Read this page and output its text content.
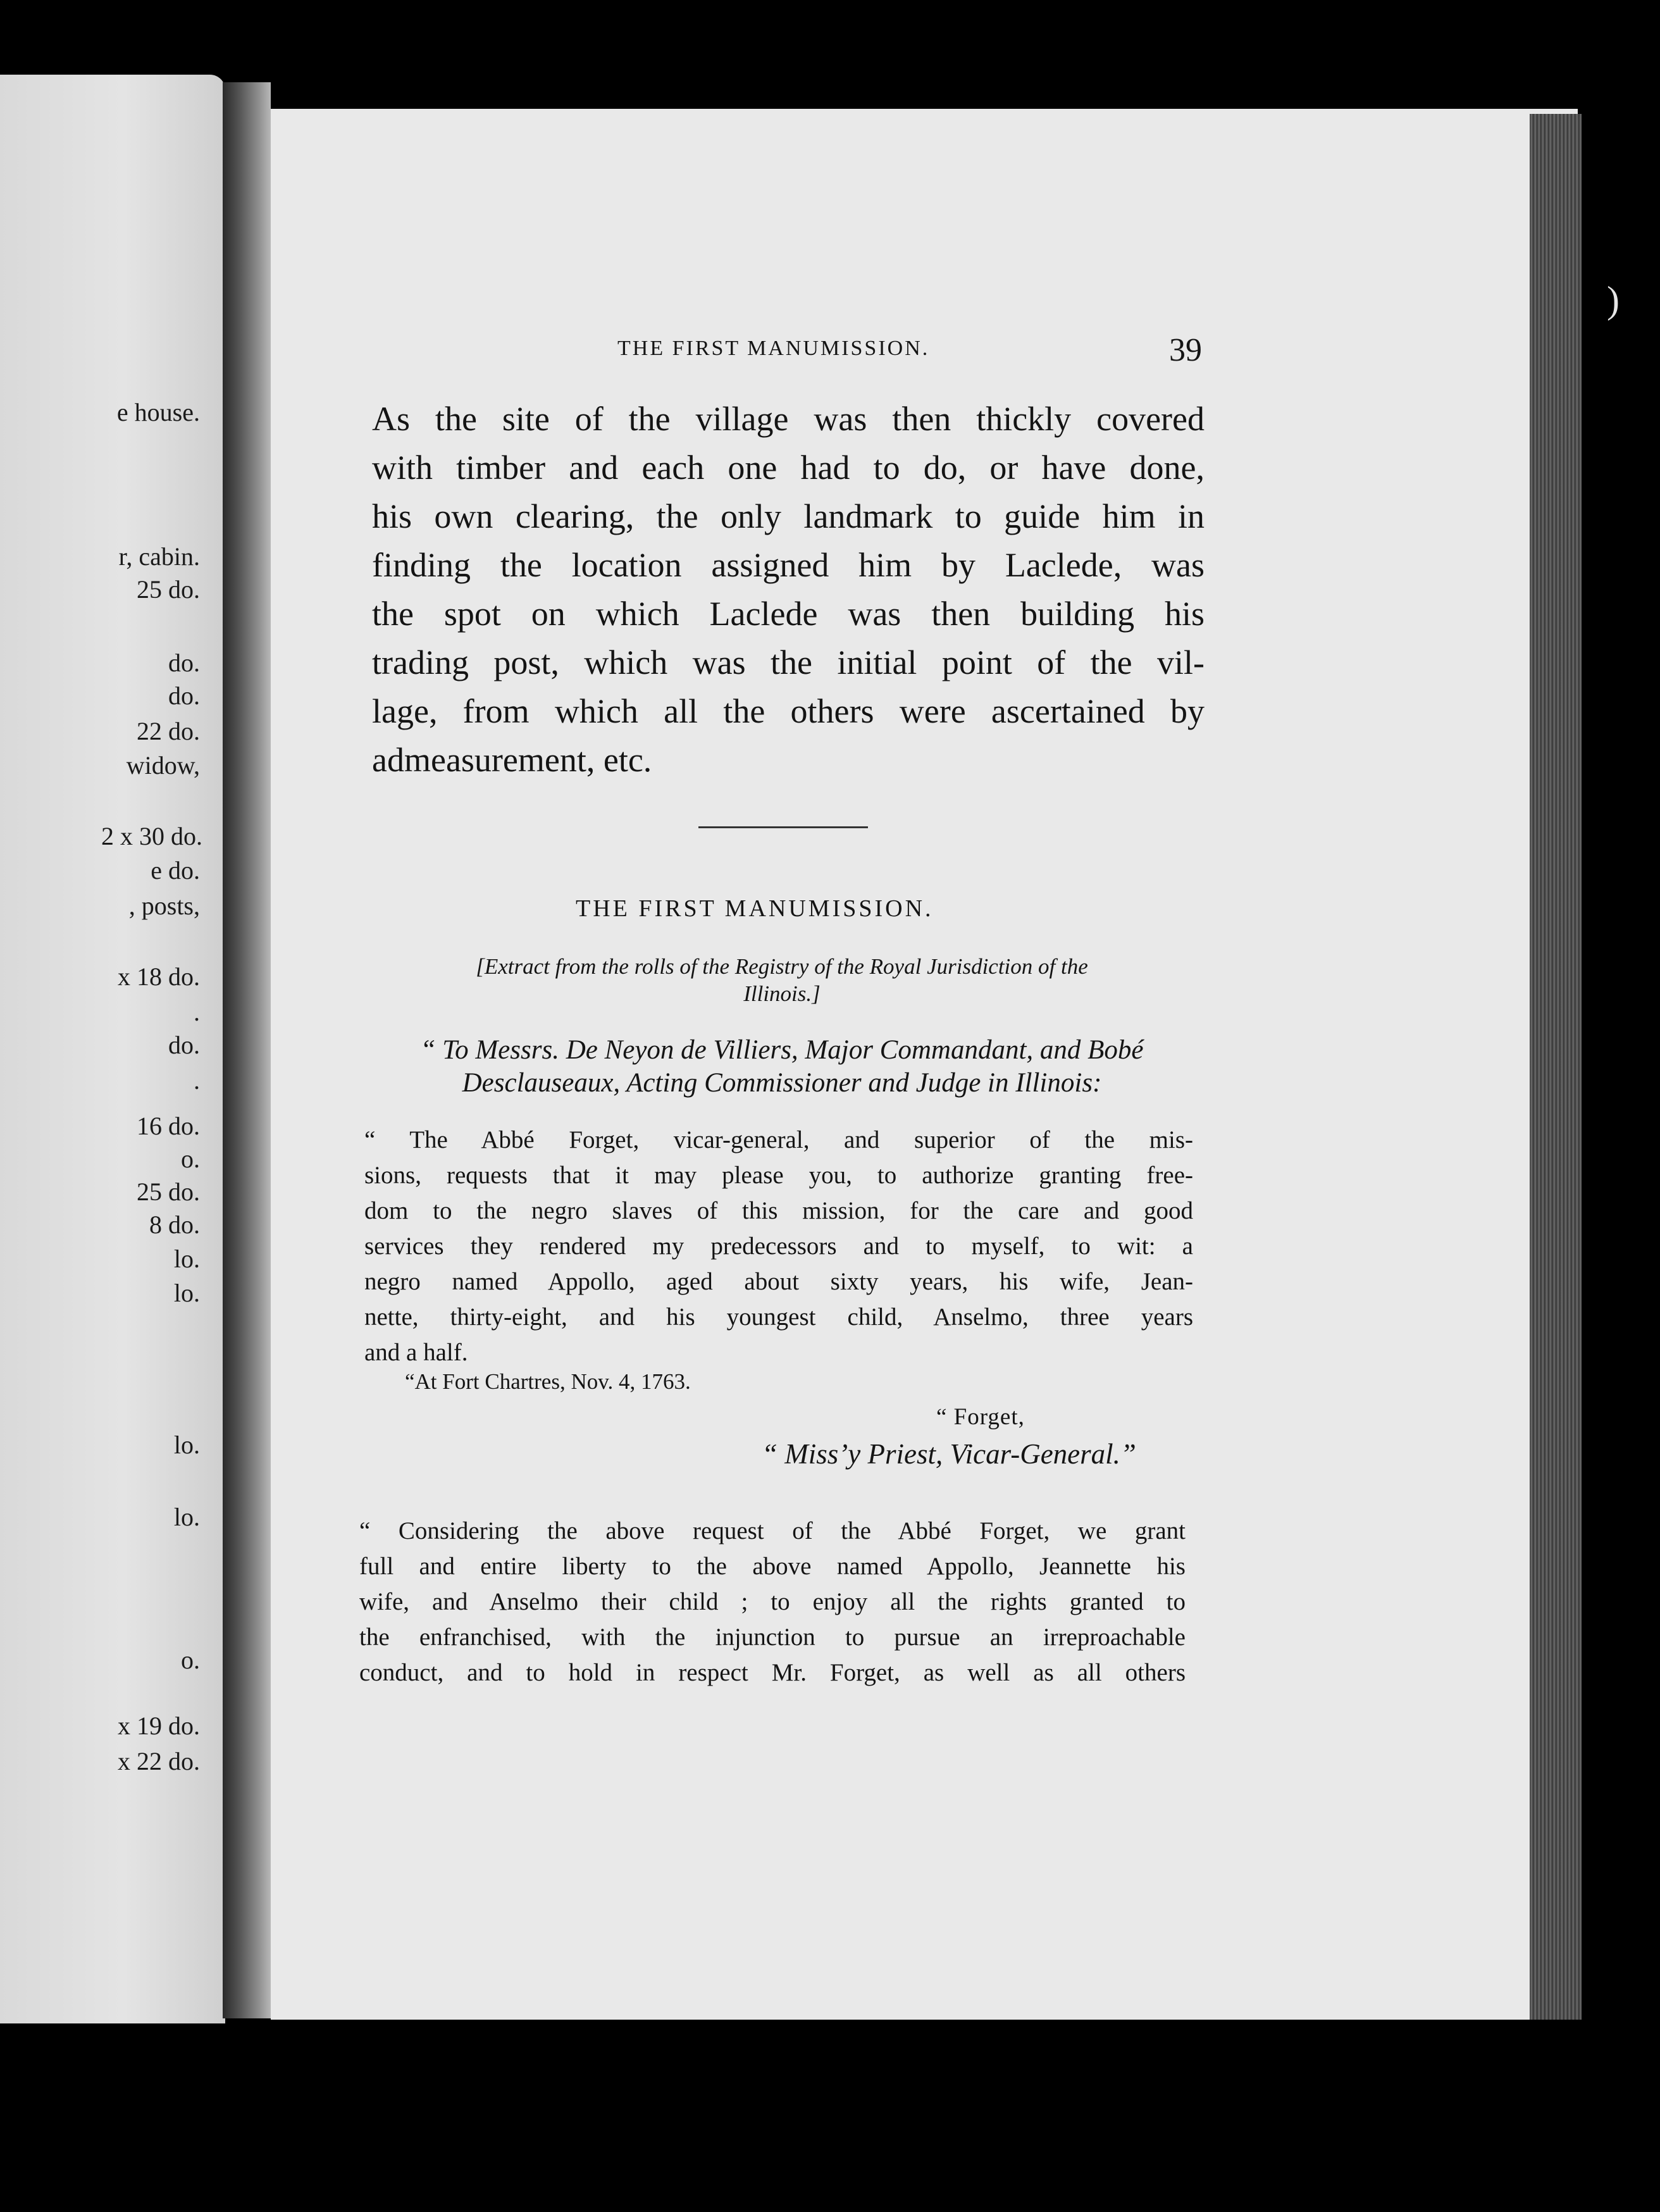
e house.
r, cabin.
25 do.
do.
do.
22 do.
widow,
2 x 30 do.
e do.
, posts,
x 18 do.
.
do.
.
16 do.
o.
25 do.
8 do.
lo.
lo.
lo.
lo.
o.
x 19 do.
x 22 do.
THE FIRST MANUMISSION.	39

As the site of the village was then thickly covered
with timber and each one had to do, or have done,
his own clearing, the only landmark to guide him in
finding the location assigned him by Laclede, was
the spot on which Laclede was then building his
trading post, which was the initial point of the vil-
lage, from which all the others were ascertained by
admeasurement, etc.

THE FIRST MANUMISSION.

[Extract from the rolls of the Registry of the Royal Jurisdiction of the
Illinois.]

“ To Messrs. De Neyon de Villiers, Major Commandant, and Bobé
Desclauseaux, Acting Commissioner and Judge in Illinois:

“ The Abbé Forget, vicar-general, and superior of the mis-
sions, requests that it may please you, to authorize granting free-
dom to the negro slaves of this mission, for the care and good
services they rendered my predecessors and to myself, to wit: a
negro named Appollo, aged about sixty years, his wife, Jean-
nette, thirty-eight, and his youngest child, Anselmo, three years
and a half.

“At Fort Chartres, Nov. 4, 1763.
“ Forget,
“ Miss’y Priest, Vicar-General.”

“ Considering the above request of the Abbé Forget, we grant
full and entire liberty to the above named Appollo, Jeannette his
wife, and Anselmo their child ; to enjoy all the rights granted to
the enfranchised, with the injunction to pursue an irreproachable
conduct, and to hold in respect Mr. Forget, as well as all others

)
